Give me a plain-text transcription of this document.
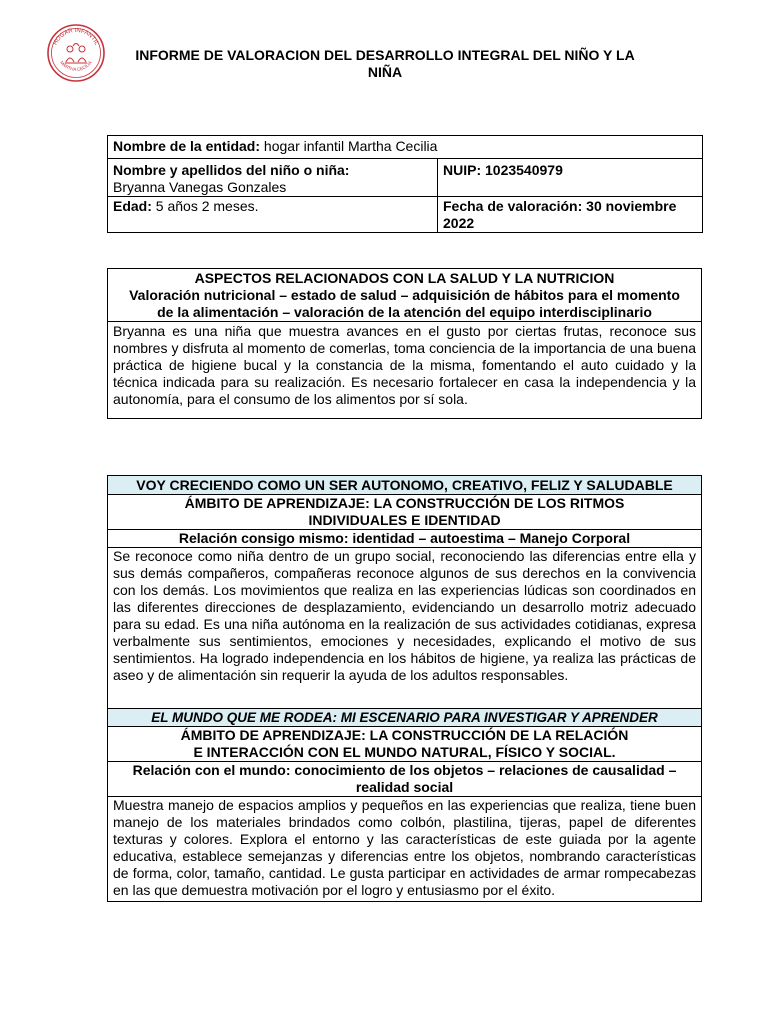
HOGAR INFANTIL
MARTHA CECILIA	INFORME DE VALORACION DEL DESARROLLO INTEGRAL DEL NIÑO Y LA
NIÑA
Nombre de la entidad: hogar infantil Martha Cecilia	

Nombre y apellidos del niño o niña:
Bryanna Vanegas Gonzales	NUIP: 1023540979
Edad: 5 años 2 meses.	Fecha de valoración: 30 noviembre 2022
ASPECTOS RELACIONADOS CON LA SALUD Y LA NUTRICION
Valoración nutricional – estado de salud – adquisición de hábitos para el momento de la alimentación – valoración de la atención del equipo interdisciplinario

Bryanna es una niña que muestra avances en el gusto por ciertas frutas, reconoce sus nombres y disfruta al momento de comerlas, toma conciencia de la importancia de una buena práctica de higiene bucal y la constancia de la misma, fomentando el auto cuidado y la técnica indicada para su realización. Es necesario fortalecer en casa la independencia y la autonomía, para el consumo de los alimentos por sí sola.
VOY CRECIENDO COMO UN SER AUTONOMO, CREATIVO, FELIZ Y SALUDABLE
ÁMBITO DE APRENDIZAJE: LA CONSTRUCCIÓN DE LOS RITMOS INDIVIDUALES E IDENTIDAD
Relación consigo mismo: identidad – autoestima – Manejo Corporal
Se reconoce como niña dentro de un grupo social, reconociendo las diferencias entre ella y sus demás compañeros, compañeras reconoce algunos de sus derechos en la convivencia con los demás. Los movimientos que realiza en las experiencias lúdicas son coordinados en las diferentes direcciones de desplazamiento, evidenciando un desarrollo motriz adecuado para su edad. Es una niña autónoma en la realización de sus actividades cotidianas, expresa verbalmente sus sentimientos, emociones y necesidades, explicando el motivo de sus sentimientos. Ha logrado independencia en los hábitos de higiene, ya realiza las prácticas de aseo y de alimentación sin requerir la ayuda de los adultos responsables.
EL MUNDO QUE ME RODEA: MI ESCENARIO PARA INVESTIGAR Y APRENDER
ÁMBITO DE APRENDIZAJE: LA CONSTRUCCIÓN DE LA RELACIÓN E INTERACCIÓN CON EL MUNDO NATURAL, FÍSICO Y SOCIAL.
Relación con el mundo: conocimiento de los objetos – relaciones de causalidad – realidad social
Muestra manejo de espacios amplios y pequeños en las experiencias que realiza, tiene buen manejo de los materiales brindados como colbón, plastilina, tijeras, papel de diferentes texturas y colores. Explora el entorno y las características de este guiada por la agente educativa, establece semejanzas y diferencias entre los objetos, nombrando características de forma, color, tamaño, cantidad. Le gusta participar en actividades de armar rompecabezas en las que demuestra motivación por el logro y entusiasmo por el éxito.
